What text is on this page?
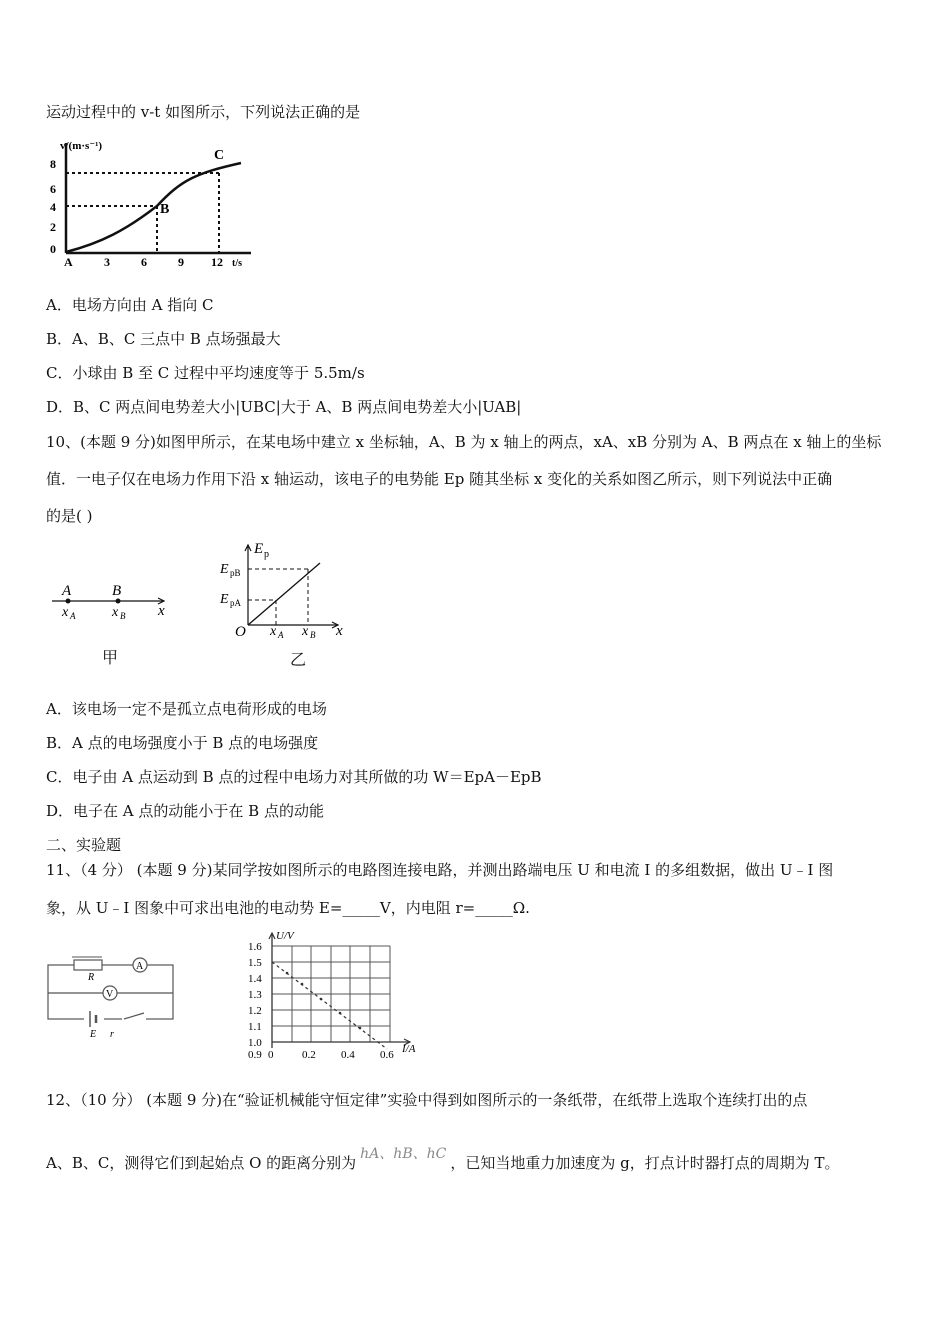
运动过程中的 v-t 如图所示，下列说法正确的是
v/(m·s⁻¹)
8
6
4
2
0
A	3	6	9 12 t/s
B
C
A．电场方向由 A 指向 C
B．A、B、C 三点中 B 点场强最大
C．小球由 B 至 C 过程中平均速度等于 5.5m/s
D．B、C 两点间电势差大小|UBC|大于 A、B 两点间电势差大小|UAB|
10、(本题 9 分)如图甲所示，在某电场中建立 x 坐标轴，A、B 为 x 轴上的两点，xA、xB 分别为 A、B 两点在 x 轴上的坐标
值．一电子仅在电场力作用下沿 x 轴运动，该电子的电势能 Ep 随其坐标 x 变化的关系如图乙所示，则下列说法中正确
的是( )
A	B
x A	x B x
甲
E p
E pB
E pA
O x A x B x
乙
A．该电场一定不是孤立点电荷形成的电场
B．A 点的电场强度小于 B 点的电场强度
C．电子由 A 点运动到 B 点的过程中电场力对其所做的功 W＝EpA－EpB
D．电子在 A 点的动能小于在 B 点的动能
二、实验题
11、（4 分） (本题 9 分)某同学按如图所示的电路图连接电路，并测出路端电压 U 和电流 I 的多组数据，做出 U﹣I 图
象，从 U﹣I 图象中可求出电池的电动势 E=_____V，内电阻 r=_____Ω.
R
A
V
E r
U/V
1.6
1.5
1.4
1.3
1.2
1.1
1.0
0.9 0	0.2 0.4 0.6 I/A
12、（10 分） (本题 9 分)在“验证机械能守恒定律”实验中得到如图所示的一条纸带，在纸带上选取个连续打出的点
A、B、C，测得它们到起始点 O 的距离分别为 hA、hB、hC ，已知当地重力加速度为 g，打点计时器打点的周期为 T。
